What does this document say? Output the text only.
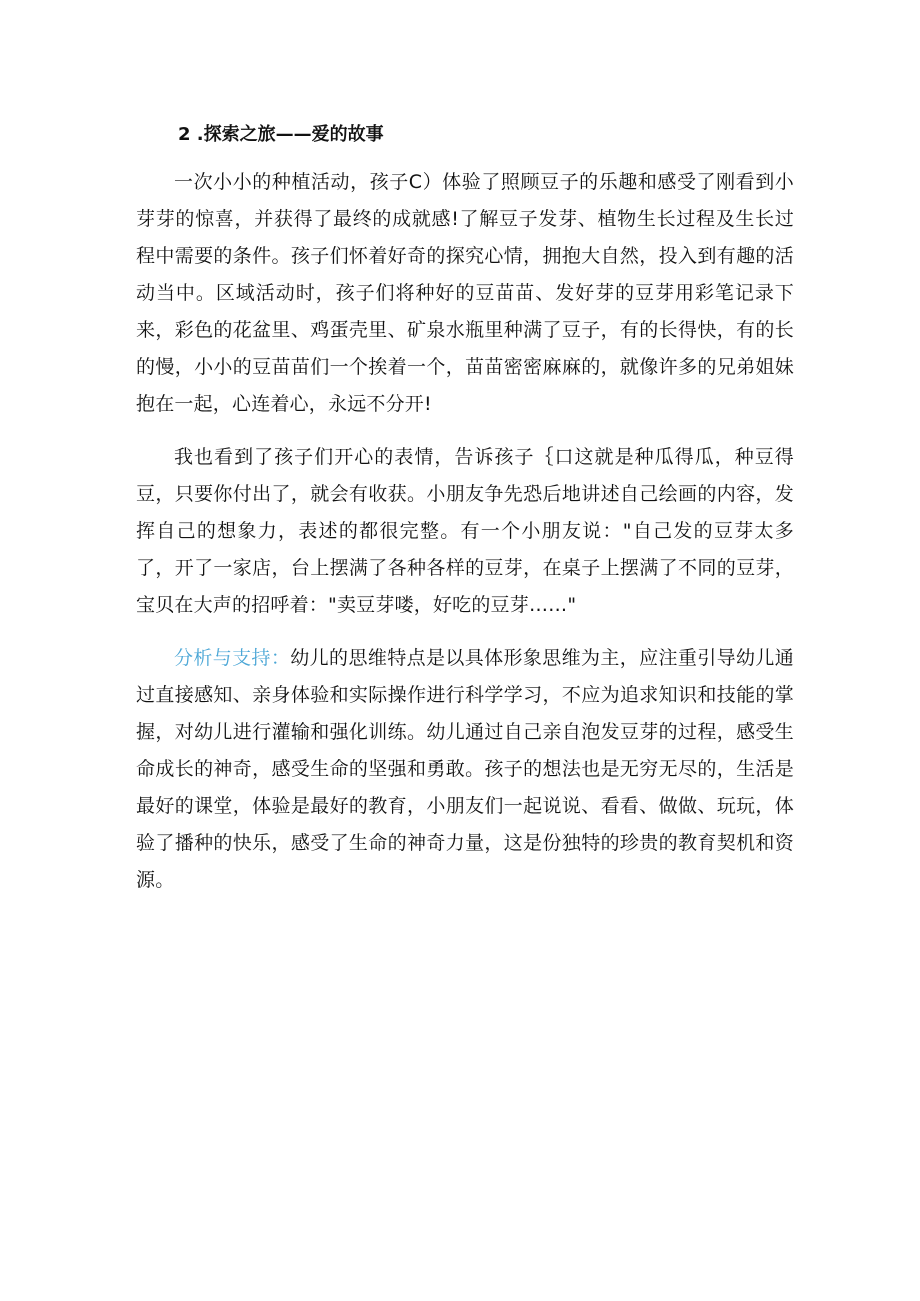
2 .探索之旅——爱的故事

一次小小的种植活动，孩子C）体验了照顾豆子的乐趣和感受了刚看到小芽芽的惊喜，并获得了最终的成就感!了解豆子发芽、植物生长过程及生长过程中需要的条件。孩子们怀着好奇的探究心情，拥抱大自然，投入到有趣的活动当中。区域活动时，孩子们将种好的豆苗苗、发好芽的豆芽用彩笔记录下来，彩色的花盆里、鸡蛋壳里、矿泉水瓶里种满了豆子，有的长得快，有的长的慢，小小的豆苗苗们一个挨着一个，苗苗密密麻麻的，就像许多的兄弟姐妹抱在一起，心连着心，永远不分开!

我也看到了孩子们开心的表情，告诉孩子｛口这就是种瓜得瓜，种豆得豆，只要你付出了，就会有收获。小朋友争先恐后地讲述自己绘画的内容，发挥自己的想象力，表述的都很完整。有一个小朋友说："自己发的豆芽太多了，开了一家店，台上摆满了各种各样的豆芽，在桌子上摆满了不同的豆芽，宝贝在大声的招呼着："卖豆芽喽，好吃的豆芽……"

分析与支持：幼儿的思维特点是以具体形象思维为主，应注重引导幼儿通过直接感知、亲身体验和实际操作进行科学学习，不应为追求知识和技能的掌握，对幼儿进行灌输和强化训练。幼儿通过自己亲自泡发豆芽的过程，感受生命成长的神奇，感受生命的坚强和勇敢。孩子的想法也是无穷无尽的，生活是最好的课堂，体验是最好的教育，小朋友们一起说说、看看、做做、玩玩，体验了播种的快乐，感受了生命的神奇力量，这是份独特的珍贵的教育契机和资源。
